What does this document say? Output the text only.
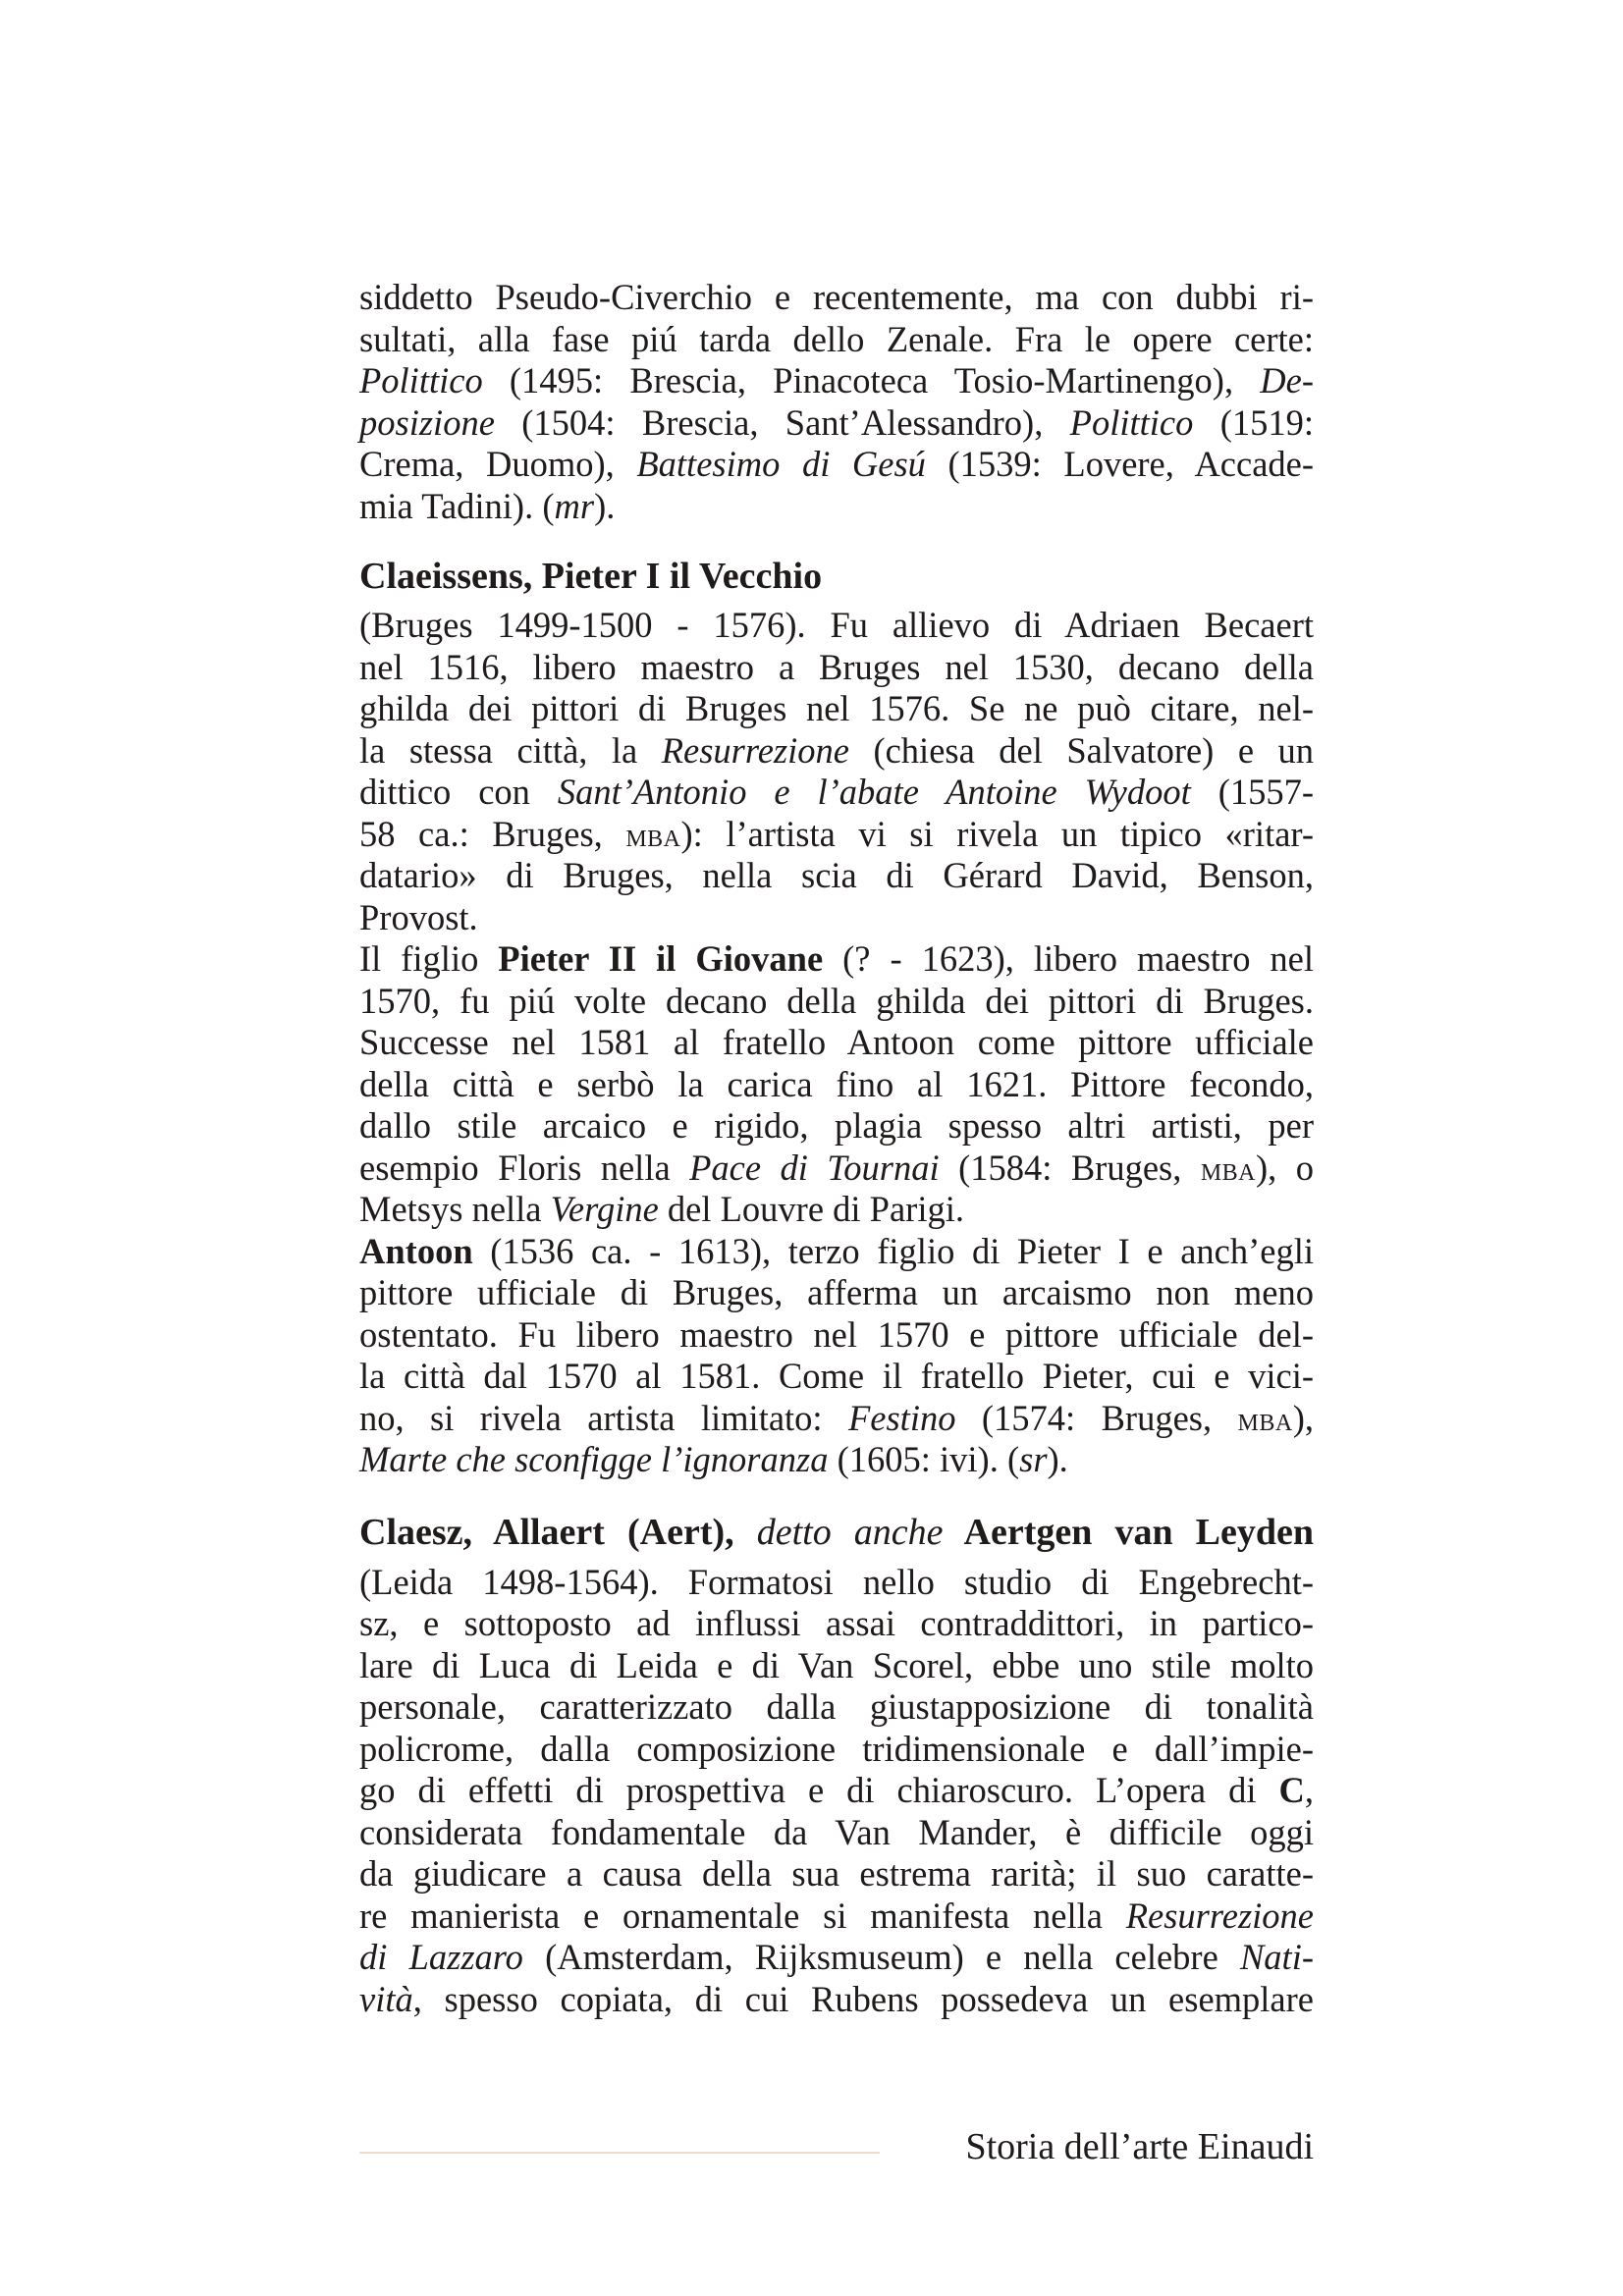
siddetto Pseudo-Civerchio e recentemente, ma con dubbi ri-
sultati, alla fase piú tarda dello Zenale. Fra le opere certe:
Polittico (1495: Brescia, Pinacoteca Tosio-Martinengo), De-
posizione (1504: Brescia, Sant’Alessandro), Polittico (1519:
Crema, Duomo), Battesimo di Gesú (1539: Lovere, Accade-
mia Tadini). (mr).
Claeissens, Pieter I il Vecchio
(Bruges 1499-1500 - 1576). Fu allievo di Adriaen Becaert
nel 1516, libero maestro a Bruges nel 1530, decano della
ghilda dei pittori di Bruges nel 1576. Se ne può citare, nel-
la stessa città, la Resurrezione (chiesa del Salvatore) e un
dittico con Sant’Antonio e l’abate Antoine Wydoot (1557-
58 ca.: Bruges, mba): l’artista vi si rivela un tipico «ritar-
datario» di Bruges, nella scia di Gérard David, Benson,
Provost.
Il figlio Pieter II il Giovane (? - 1623), libero maestro nel
1570, fu piú volte decano della ghilda dei pittori di Bruges.
Successe nel 1581 al fratello Antoon come pittore ufficiale
della città e serbò la carica fino al 1621. Pittore fecondo,
dallo stile arcaico e rigido, plagia spesso altri artisti, per
esempio Floris nella Pace di Tournai (1584: Bruges, mba), o
Metsys nella Vergine del Louvre di Parigi.
Antoon (1536 ca. - 1613), terzo figlio di Pieter I e anch’egli
pittore ufficiale di Bruges, afferma un arcaismo non meno
ostentato. Fu libero maestro nel 1570 e pittore ufficiale del-
la città dal 1570 al 1581. Come il fratello Pieter, cui e vici-
no, si rivela artista limitato: Festino (1574: Bruges, mba),
Marte che sconfigge l’ignoranza (1605: ivi). (sr).
Claesz, Allaert (Aert), detto anche Aertgen van Leyden
(Leida 1498-1564). Formatosi nello studio di Engebrecht-
sz, e sottoposto ad influssi assai contraddittori, in partico-
lare di Luca di Leida e di Van Scorel, ebbe uno stile molto
personale, caratterizzato dalla giustapposizione di tonalità
policrome, dalla composizione tridimensionale e dall’impie-
go di effetti di prospettiva e di chiaroscuro. L’opera di C,
considerata fondamentale da Van Mander, è difficile oggi
da giudicare a causa della sua estrema rarità; il suo caratte-
re manierista e ornamentale si manifesta nella Resurrezione
di Lazzaro (Amsterdam, Rijksmuseum) e nella celebre Nati-
vità, spesso copiata, di cui Rubens possedeva un esemplare
Storia dell’arte Einaudi
